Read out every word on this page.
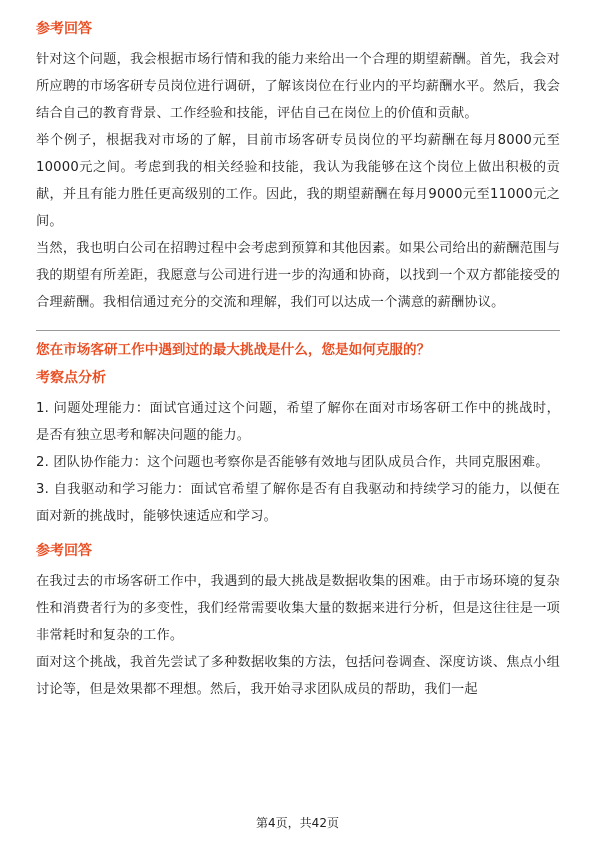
参考回答

针对这个问题，我会根据市场行情和我的能力来给出一个合理的期望薪酬。首先，我会对所应聘的市场客研专员岗位进行调研，了解该岗位在行业内的平均薪酬水平。然后，我会结合自己的教育背景、工作经验和技能，评估自己在岗位上的价值和贡献。

举个例子，根据我对市场的了解，目前市场客研专员岗位的平均薪酬在每月8000元至10000元之间。考虑到我的相关经验和技能，我认为我能够在这个岗位上做出积极的贡献，并且有能力胜任更高级别的工作。因此，我的期望薪酬在每月9000元至11000元之间。

当然，我也明白公司在招聘过程中会考虑到预算和其他因素。如果公司给出的薪酬范围与我的期望有所差距，我愿意与公司进行进一步的沟通和协商，以找到一个双方都能接受的合理薪酬。我相信通过充分的交流和理解，我们可以达成一个满意的薪酬协议。

您在市场客研工作中遇到过的最大挑战是什么，您是如何克服的？
考察点分析

1. 问题处理能力：面试官通过这个问题，希望了解你在面对市场客研工作中的挑战时，是否有独立思考和解决问题的能力。

2. 团队协作能力：这个问题也考察你是否能够有效地与团队成员合作，共同克服困难。

3. 自我驱动和学习能力：面试官希望了解你是否有自我驱动和持续学习的能力，以便在面对新的挑战时，能够快速适应和学习。

参考回答

在我过去的市场客研工作中，我遇到的最大挑战是数据收集的困难。由于市场环境的复杂性和消费者行为的多变性，我们经常需要收集大量的数据来进行分析，但是这往往是一项非常耗时和复杂的工作。

面对这个挑战，我首先尝试了多种数据收集的方法，包括问卷调查、深度访谈、焦点小组讨论等，但是效果都不理想。然后，我开始寻求团队成员的帮助，我们一起

第4页，共42页
